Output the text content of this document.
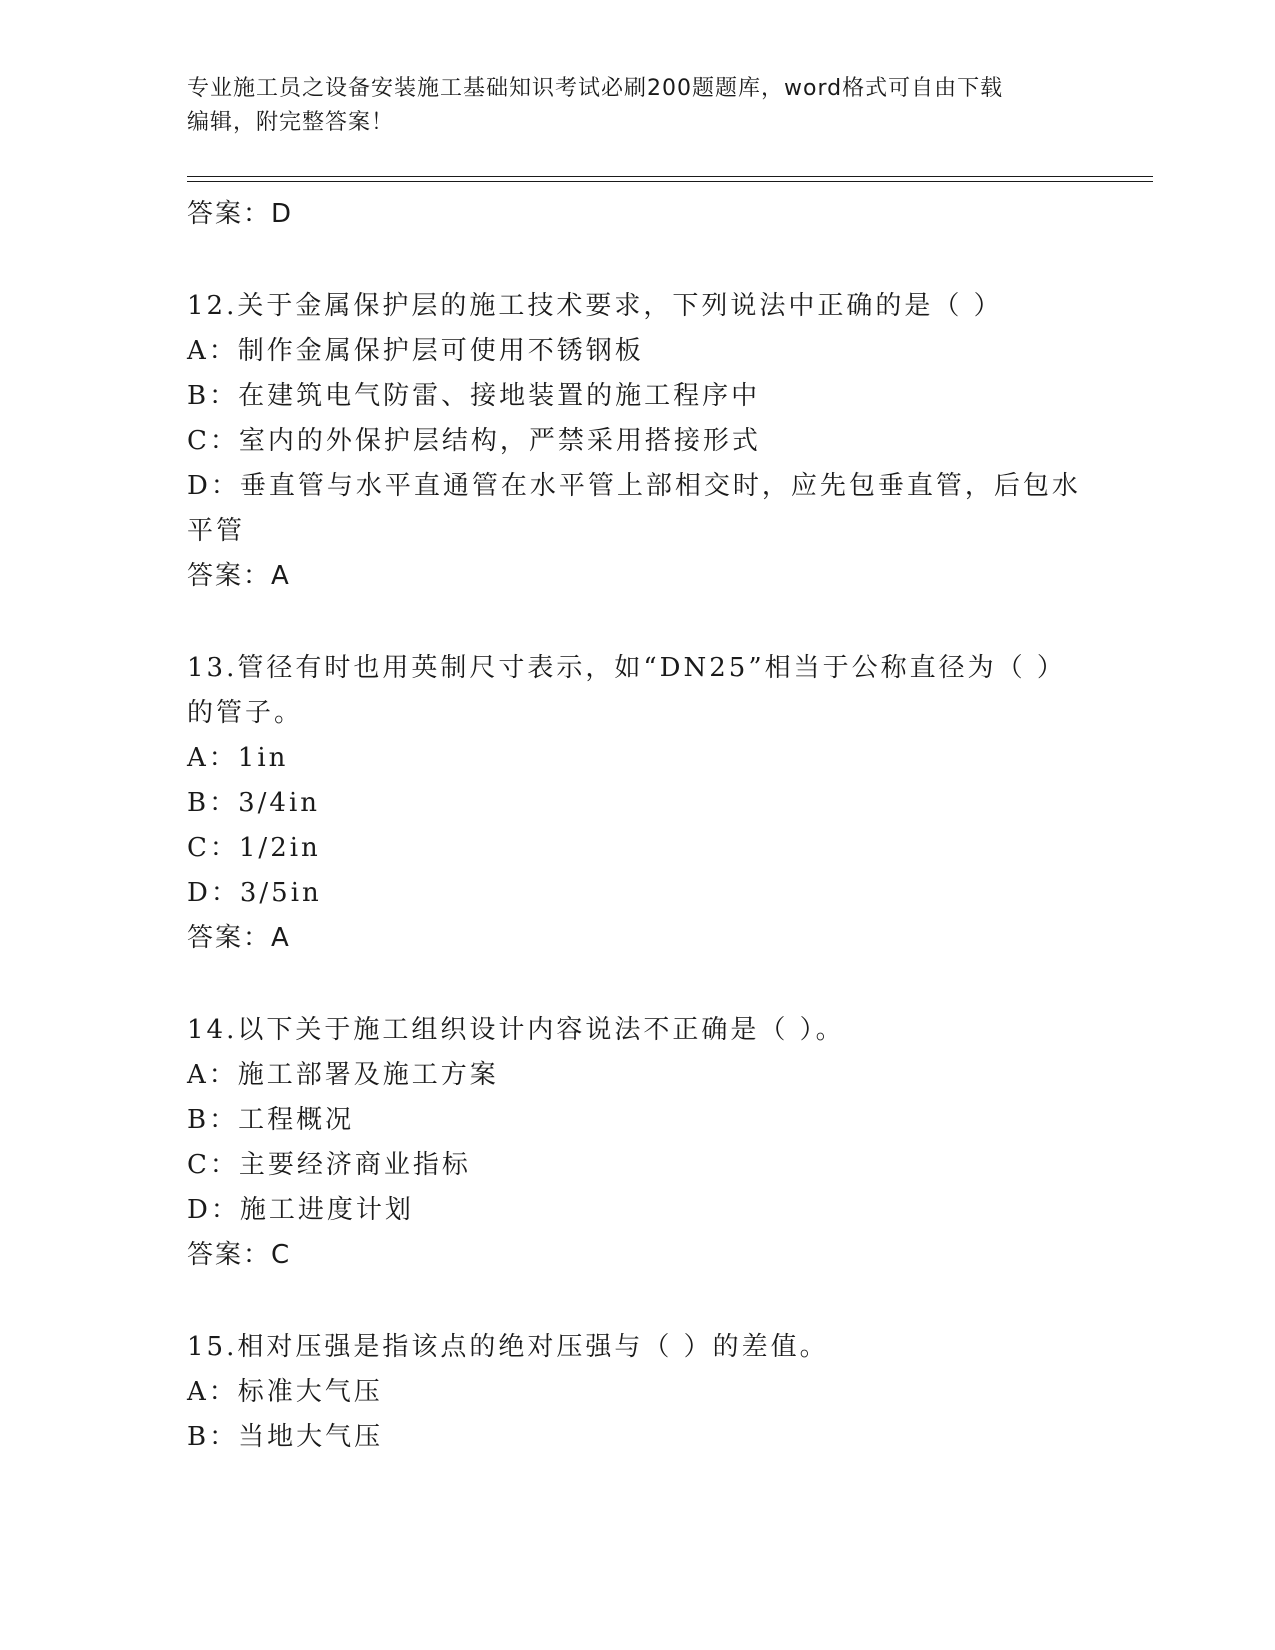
专业施工员之设备安装施工基础知识考试必刷200题题库，word格式可自由下载
编辑，附完整答案！
答案：D
12.关于金属保护层的施工技术要求，下列说法中正确的是（ ）
A：制作金属保护层可使用不锈钢板
B：在建筑电气防雷、接地装置的施工程序中
C：室内的外保护层结构，严禁采用搭接形式
D：垂直管与水平直通管在水平管上部相交时，应先包垂直管，后包水
平管
答案：A
13.管径有时也用英制尺寸表示，如“DN25”相当于公称直径为（ ）
的管子。
A：1in
B：3/4in
C：1/2in
D：3/5in
答案：A
14.以下关于施工组织设计内容说法不正确是（ ）。
A：施工部署及施工方案
B：工程概况
C：主要经济商业指标
D：施工进度计划
答案：C
15.相对压强是指该点的绝对压强与（ ）的差值。
A：标准大气压
B：当地大气压
